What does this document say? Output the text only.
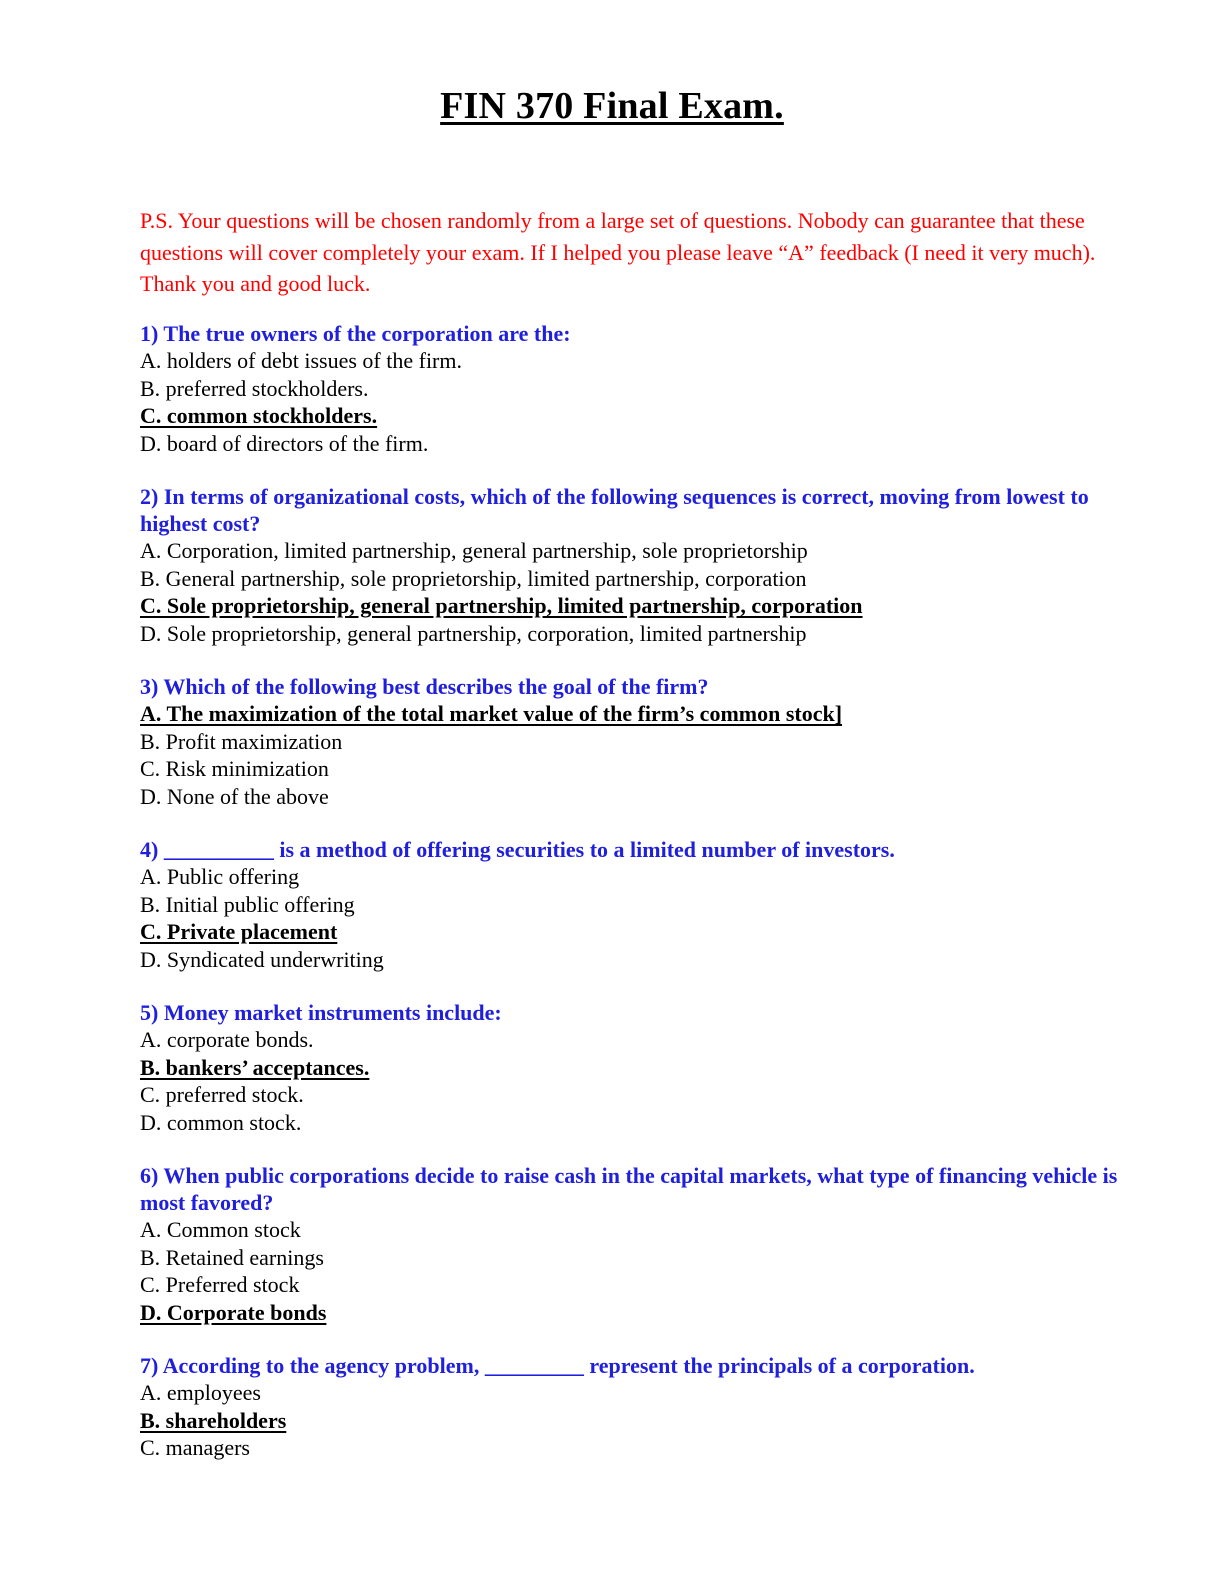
FIN 370 Final Exam.
P.S. Your questions will be chosen randomly from a large set of questions. Nobody can guarantee that these questions will cover completely your exam. If I helped you please leave “A” feedback (I need it very much). Thank you and good luck.
1) The true owners of the corporation are the:
A. holders of debt issues of the firm.
B. preferred stockholders.
C. common stockholders.
D. board of directors of the firm.
2) In terms of organizational costs, which of the following sequences is correct, moving from lowest to highest cost?
A. Corporation, limited partnership, general partnership, sole proprietorship
B. General partnership, sole proprietorship, limited partnership, corporation
C. Sole proprietorship, general partnership, limited partnership, corporation
D. Sole proprietorship, general partnership, corporation, limited partnership
3) Which of the following best describes the goal of the firm?
A. The maximization of the total market value of the firm’s common stock]
B. Profit maximization
C. Risk minimization
D. None of the above
4) __________ is a method of offering securities to a limited number of investors.
A. Public offering
B. Initial public offering
C. Private placement
D. Syndicated underwriting
5) Money market instruments include:
A. corporate bonds.
B. bankers’ acceptances.
C. preferred stock.
D. common stock.
6) When public corporations decide to raise cash in the capital markets, what type of financing vehicle is most favored?
A. Common stock
B. Retained earnings
C. Preferred stock
D. Corporate bonds
7) According to the agency problem, _________ represent the principals of a corporation.
A. employees
B. shareholders
C. managers
